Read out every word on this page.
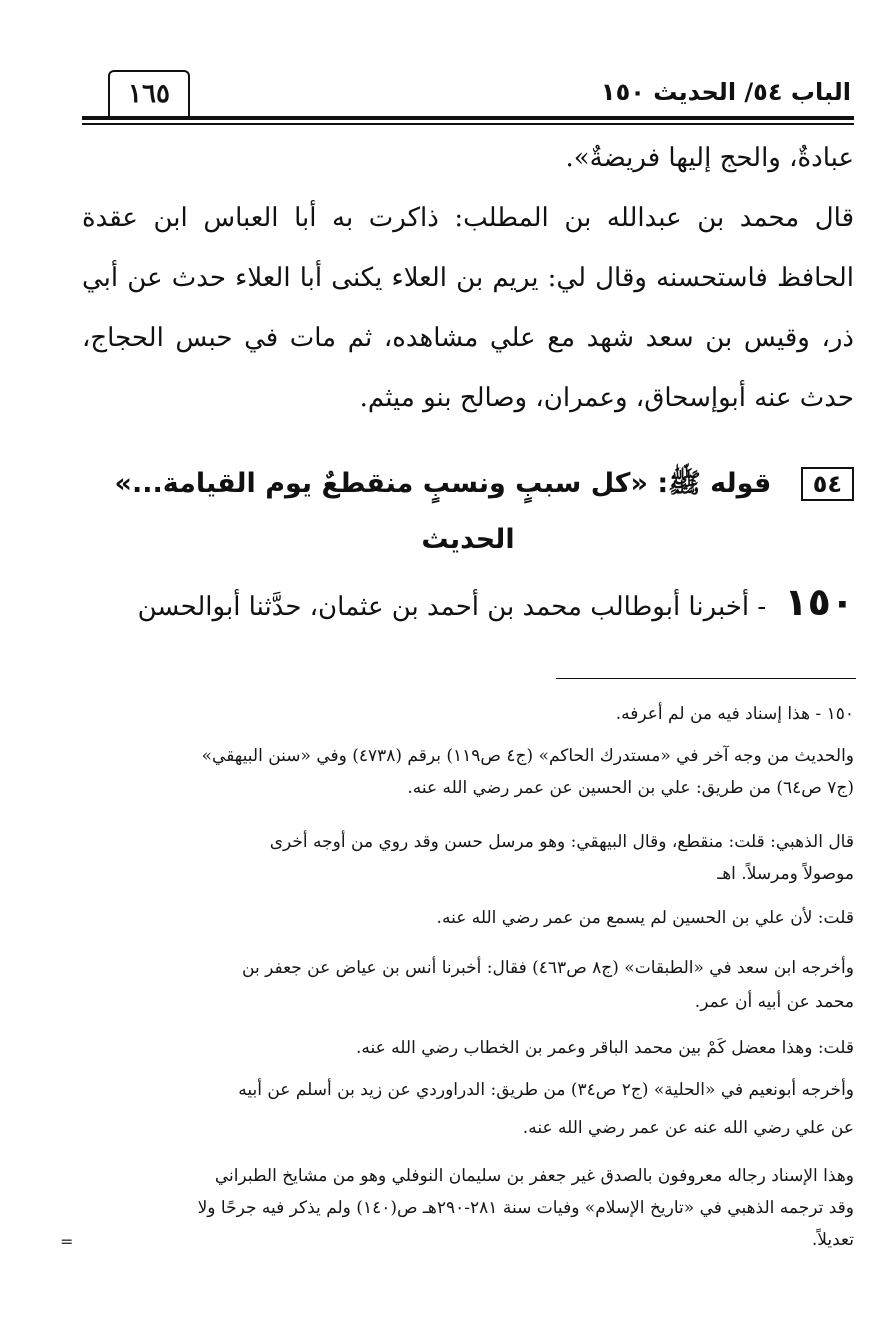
الباب ٥٤/ الحديث ١٥٠
١٦٥
عبادةٌ، والحج إليها فريضةٌ».
قال محمد بن عبدالله بن المطلب: ذاكرت به أبا العباس ابن عقدة
الحافظ فاستحسنه وقال لي: يريم بن العلاء يكنى أبا العلاء حدث عن أبي
ذر، وقيس بن سعد شهد مع علي مشاهده، ثم مات في حبس الحجاج،
حدث عنه أبوإسحاق، وعمران، وصالح بنو ميثم.
٥٤ قوله ﷺ: «كل سببٍ ونسبٍ منقطعٌ يوم القيامة...»
الحديث
١٥٠ - أخبرنا أبوطالب محمد بن أحمد بن عثمان، حدَّثنا أبوالحسن
١٥٠ - هذا إسناد فيه من لم أعرفه.
والحديث من وجه آخر في «مستدرك الحاكم» (ج٤ ص١١٩) برقم (٤٧٣٨) وفي «سنن البيهقي»
(ج٧ ص٦٤) من طريق: علي بن الحسين عن عمر رضي الله عنه.
قال الذهبي: قلت: منقطع، وقال البيهقي: وهو مرسل حسن وقد روي من أوجه أخرى
موصولاً ومرسلاً. اهـ
قلت: لأن علي بن الحسين لم يسمع من عمر رضي الله عنه.
وأخرجه ابن سعد في «الطبقات» (ج٨ ص٤٦٣) فقال: أخبرنا أنس بن عياض عن جعفر بن
محمد عن أبيه أن عمر.
قلت: وهذا معضل كَمْ بين محمد الباقر وعمر بن الخطاب رضي الله عنه.
وأخرجه أبونعيم في «الحلية» (ج٢ ص٣٤) من طريق: الدراوردي عن زيد بن أسلم عن أبيه
عن علي رضي الله عنه عن عمر رضي الله عنه.
وهذا الإسناد رجاله معروفون بالصدق غير جعفر بن سليمان النوفلي وهو من مشايخ الطبراني
وقد ترجمه الذهبي في «تاريخ الإسلام» وفيات سنة ٢٨١-٢٩٠هـ ص(١٤٠) ولم يذكر فيه جرحًا ولا
تعديلاً.
=
